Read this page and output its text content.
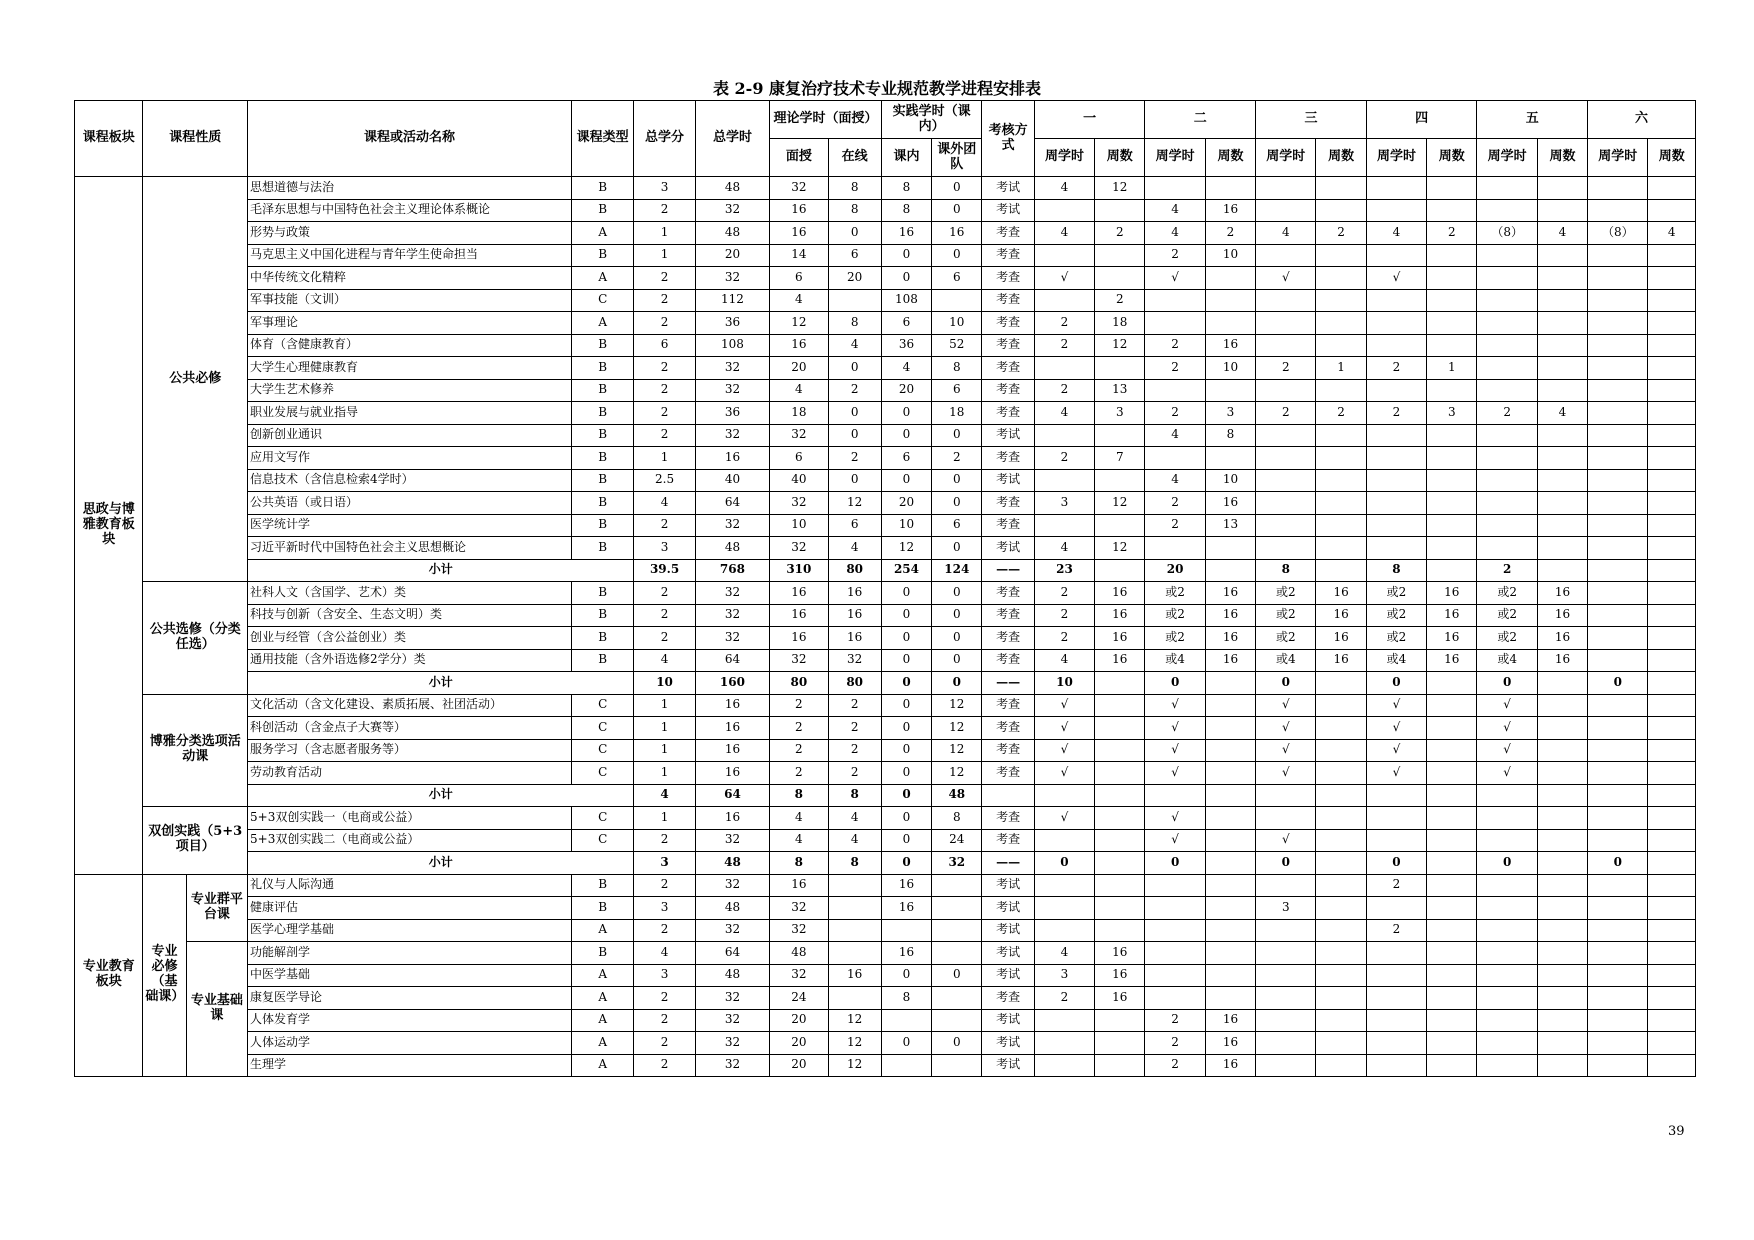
表 2-9 康复治疗技术专业规范教学进程安排表
课程板块	课程性质		课程或活动名称	课程类型	总学分	总学时	理论学时（面授）		实践学时（课内）		考核方式	一		二		三		四		五		六	
							面授	在线	课内	课外团队		周学时	周数	周学时	周数	周学时	周数	周学时	周数	周学时	周数	周学时	周数
思政与博雅教育板块	公共必修		思想道德与法治	B	3	48	32	8	8	0	考试	4	12										
			毛泽东思想与中国特色社会主义理论体系概论	B	2	32	16	8	8	0	考试			4	16								
			形势与政策	A	1	48	16	0	16	16	考查	4	2	4	2	4	2	4	2	（8）	4	（8）	4
			马克思主义中国化进程与青年学生使命担当	B	1	20	14	6	0	0	考查			2	10								
			中华传统文化精粹	A	2	32	6	20	0	6	考查	√		√		√		√					
			军事技能（文训）	C	2	112	4		108		考查		2										
			军事理论	A	2	36	12	8	6	10	考查	2	18										
			体育（含健康教育）	B	6	108	16	4	36	52	考查	2	12	2	16								
			大学生心理健康教育	B	2	32	20	0	4	8	考查			2	10	2	1	2	1				
			大学生艺术修养	B	2	32	4	2	20	6	考查	2	13										
			职业发展与就业指导	B	2	36	18	0	0	18	考查	4	3	2	3	2	2	2	3	2	4		
			创新创业通识	B	2	32	32	0	0	0	考试			4	8								
			应用文写作	B	1	16	6	2	6	2	考查	2	7										
			信息技术（含信息检索4学时）	B	2.5	40	40	0	0	0	考试			4	10								
			公共英语（或日语）	B	4	64	32	12	20	0	考查	3	12	2	16								
			医学统计学	B	2	32	10	6	10	6	考查			2	13								
			习近平新时代中国特色社会主义思想概论	B	3	48	32	4	12	0	考试	4	12										
			小计		39.5	768	310	80	254	124	——	23		20		8		8		2			
	公共选修（分类任选）		社科人文（含国学、艺术）类	B	2	32	16	16	0	0	考查	2	16	或2	16	或2	16	或2	16	或2	16		
			科技与创新（含安全、生态文明）类	B	2	32	16	16	0	0	考查	2	16	或2	16	或2	16	或2	16	或2	16		
			创业与经管（含公益创业）类	B	2	32	16	16	0	0	考查	2	16	或2	16	或2	16	或2	16	或2	16		
			通用技能（含外语选修2学分）类	B	4	64	32	32	0	0	考查	4	16	或4	16	或4	16	或4	16	或4	16		
			小计		10	160	80	80	0	0	——	10		0		0		0		0		0	
	博雅分类选项活动课		文化活动（含文化建设、素质拓展、社团活动）	C	1	16	2	2	0	12	考查	√		√		√		√		√			
			科创活动（含金点子大赛等）	C	1	16	2	2	0	12	考查	√		√		√		√		√			
			服务学习（含志愿者服务等）	C	1	16	2	2	0	12	考查	√		√		√		√		√			
			劳动教育活动	C	1	16	2	2	0	12	考查	√		√		√		√		√			
			小计		4	64	8	8	0	48													
	双创实践（5+3项目）		5+3双创实践一（电商或公益）	C	1	16	4	4	0	8	考查	√		√									
			5+3双创实践二（电商或公益）	C	2	32	4	4	0	24	考查			√		√							
			小计		3	48	8	8	0	32	——	0		0		0		0		0		0	
专业教育板块	专业必修（基础课）	专业群平台课	礼仪与人际沟通	B	2	32	16		16		考试							2					
			健康评估	B	3	48	32		16		考试					3							
			医学心理学基础	A	2	32	32				考试							2					
		专业基础课	功能解剖学	B	4	64	48		16		考试	4	16										
			中医学基础	A	3	48	32	16	0	0	考试	3	16										
			康复医学导论	A	2	32	24		8		考查	2	16										
			人体发育学	A	2	32	20	12			考试			2	16								
			人体运动学	A	2	32	20	12	0	0	考试			2	16								
			生理学	A	2	32	20	12			考试			2	16								
39
